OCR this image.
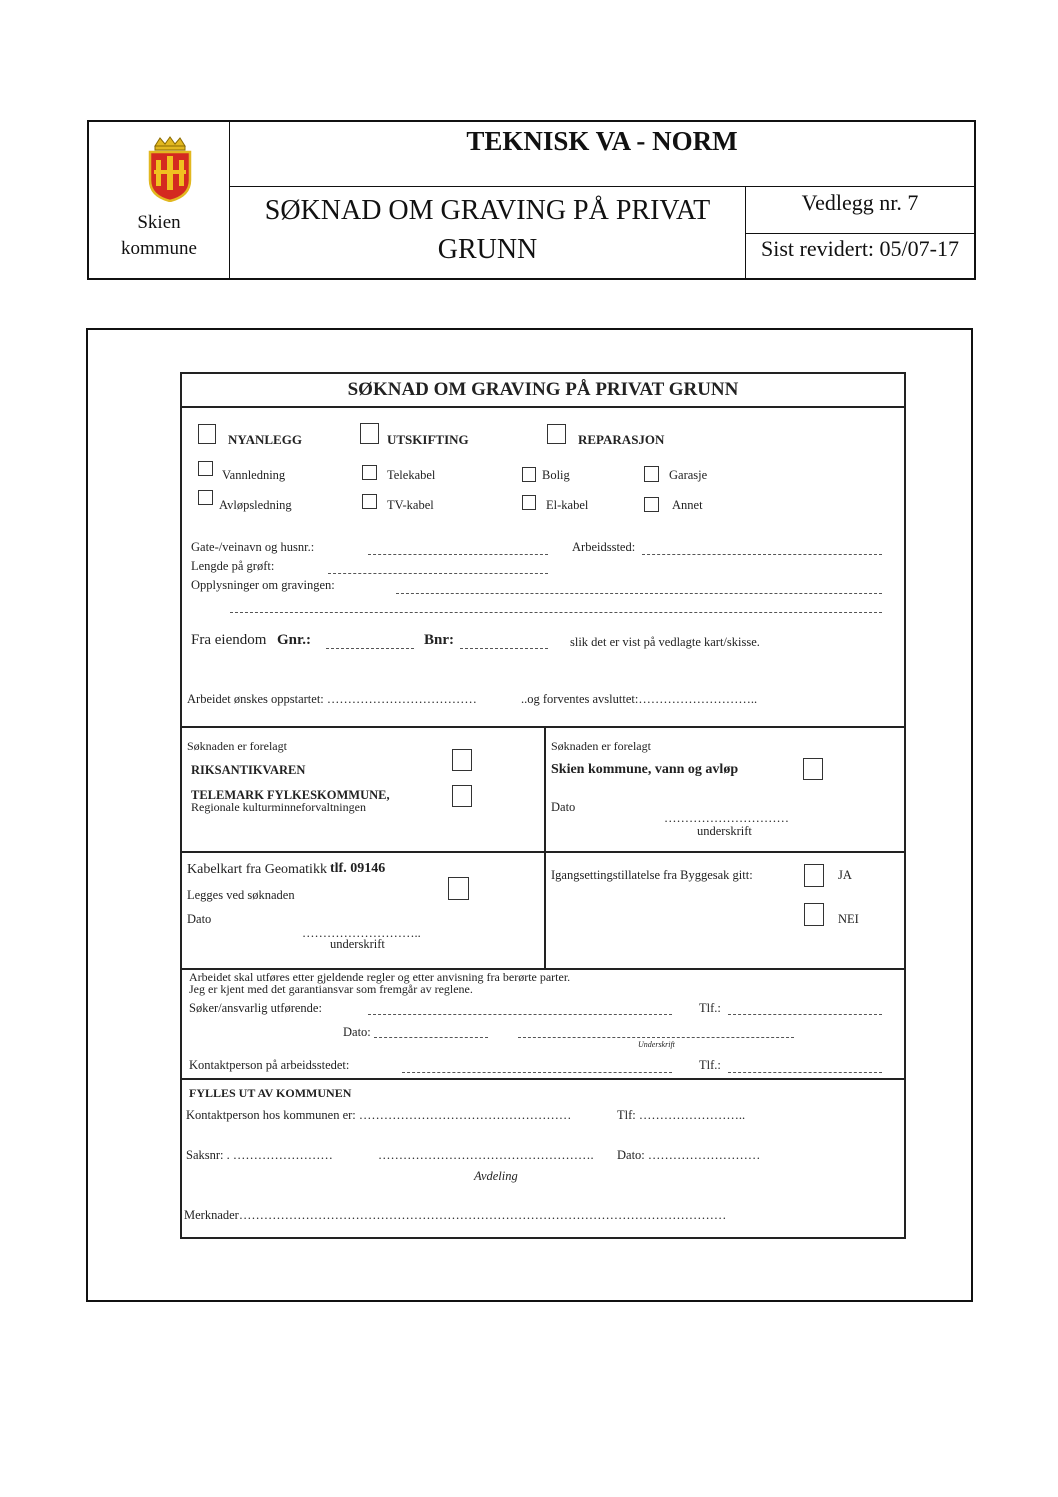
Skien
kommune
TEKNISK VA - NORM
SØKNAD OM GRAVING PÅ PRIVAT
GRUNN
Vedlegg nr. 7
Sist revidert: 05/07-17
SØKNAD OM GRAVING PÅ PRIVAT GRUNN
NYANLEGG	UTSKIFTING	REPARASJON
Vannledning	Telekabel	Bolig	Garasje
Avløpsledning	TV-kabel	El-kabel	Annet
Gate-/veinavn og husnr.:	Arbeidssted:
Lengde på grøft:
Opplysninger om gravingen:
Fra eiendom Gnr.:	Bnr:	slik det er vist på vedlagte kart/skisse.
Arbeidet ønskes oppstartet: ………………………………	..og forventes avsluttet:………………………..
Søknaden er forelagt
RIKSANTIKVAREN
TELEMARK FYLKESKOMMUNE,
Regionale kulturminneforvaltningen
Søknaden er forelagt
Skien kommune, vann og avløp
Dato
…………………………
underskrift
Kabelkart fra Geomatikk tlf. 09146
Legges ved søknaden
Dato
………………………..
underskrift
Igangsettingstillatelse fra Byggesak gitt:	JA
NEI
Arbeidet skal utføres etter gjeldende regler og etter anvisning fra berørte parter.
Jeg er kjent med det garantiansvar som fremgår av reglene.
Søker/ansvarlig utførende:	Tlf.:
Dato:
Underskrift
Kontaktperson på arbeidsstedet:	Tlf.:
FYLLES UT AV KOMMUNEN
Kontaktperson hos kommunen er: ……………………………………………	Tlf: ……………………..
Saksnr: . ……………………	……………………………………………. Dato: ………………………
Avdeling
Merknader………………………………………………………………………………………………………
